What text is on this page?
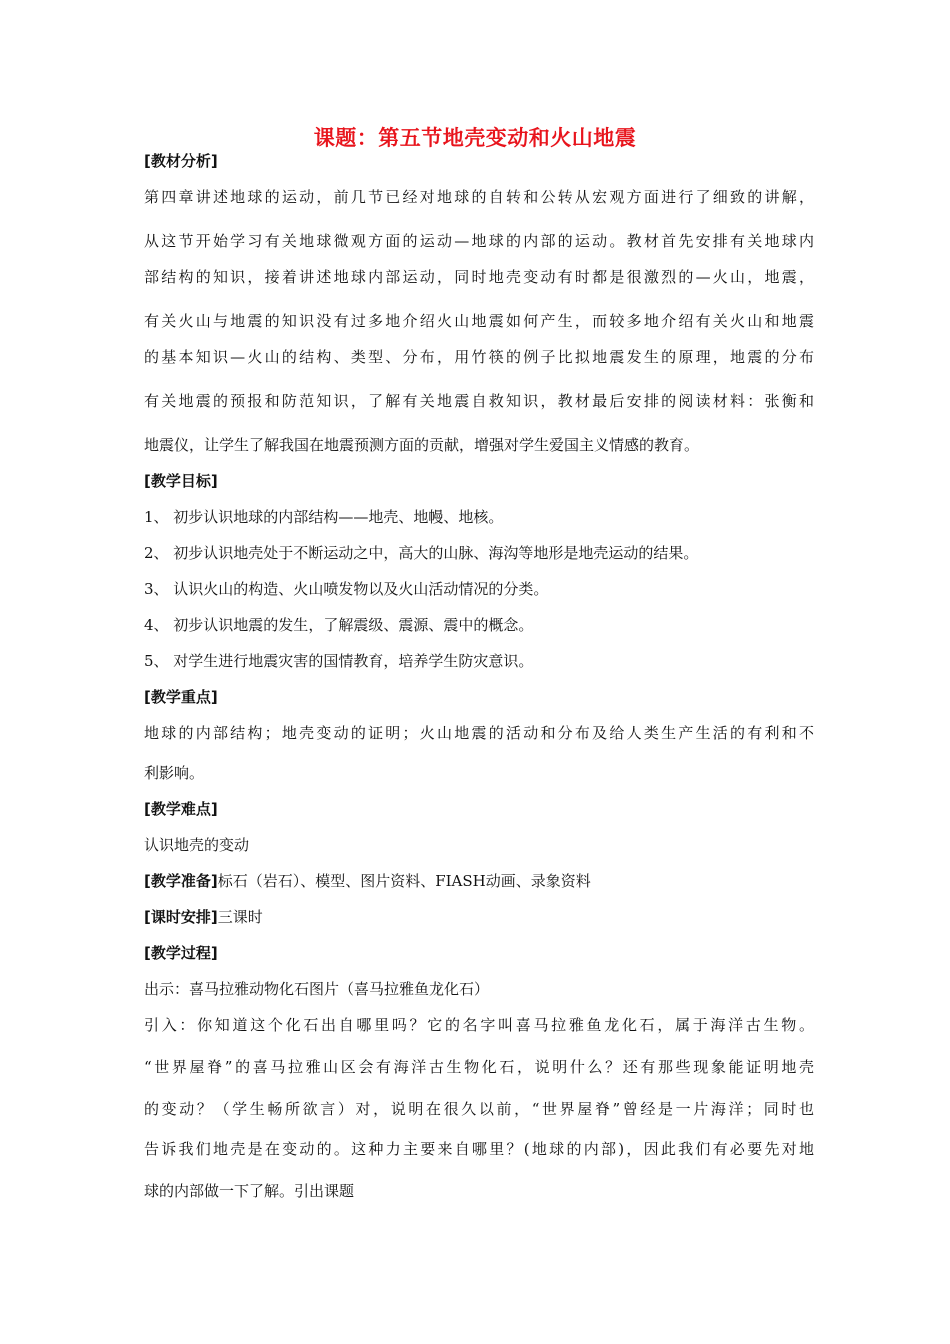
课题：第五节地壳变动和火山地震
[教材分析]
第四章讲述地球的运动，前几节已经对地球的自转和公转从宏观方面进行了细致的讲解，
从这节开始学习有关地球微观方面的运动—地球的内部的运动。教材首先安排有关地球内
部结构的知识，接着讲述地球内部运动，同时地壳变动有时都是很激烈的—火山，地震，
有关火山与地震的知识没有过多地介绍火山地震如何产生，而较多地介绍有关火山和地震
的基本知识—火山的结构、类型、分布，用竹筷的例子比拟地震发生的原理，地震的分布
有关地震的预报和防范知识，了解有关地震自救知识，教材最后安排的阅读材料：张衡和
地震仪，让学生了解我国在地震预测方面的贡献，增强对学生爱国主义情感的教育。
[教学目标]
1、 初步认识地球的内部结构——地壳、地幔、地核。
2、 初步认识地壳处于不断运动之中，高大的山脉、海沟等地形是地壳运动的结果。
3、 认识火山的构造、火山喷发物以及火山活动情况的分类。
4、 初步认识地震的发生，了解震级、震源、震中的概念。
5、 对学生进行地震灾害的国情教育，培养学生防灾意识。
[教学重点]
地球的内部结构；地壳变动的证明；火山地震的活动和分布及给人类生产生活的有利和不
利影响。
[教学难点]
认识地壳的变动
[教学准备]标石（岩石）、模型、图片资料、FIASH动画、录象资料
[课时安排]三课时
[教学过程]
出示：喜马拉雅动物化石图片（喜马拉雅鱼龙化石）
引入：你知道这个化石出自哪里吗？它的名字叫喜马拉雅鱼龙化石，属于海洋古生物。
“世界屋脊”的喜马拉雅山区会有海洋古生物化石，说明什么？还有那些现象能证明地壳
的变动？（学生畅所欲言）对，说明在很久以前，“世界屋脊”曾经是一片海洋；同时也
告诉我们地壳是在变动的。这种力主要来自哪里？(地球的内部)，因此我们有必要先对地
球的内部做一下了解。引出课题
